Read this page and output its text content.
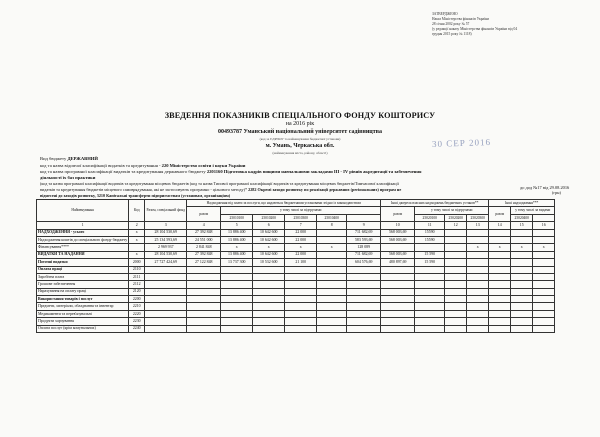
ЗАТВЕРДЖЕНО
Наказ Міністерства фінансів України
28 січня 2002 року № 57
(у редакції наказу Міністерства фінансів України від 04
грудня 2015 року № 1118)
ЗВЕДЕННЯ ПОКАЗНИКІВ СПЕЦІАЛЬНОГО ФОНДУ КОШТОРИСУ
на 2016 рік
00493787 Уманський національний університет садівництва
(код за ЄДРПОУ та найменування бюджетної установи)
м. Умань, Черкаська обл.
(найменування міста, району, області)
30 СЕР 2016
Вид бюджету ДЕРЖАВНИЙ
код та назва відомчої класифікації видатків та кредитування - 220 Міністерство освіти і науки України
код та назва програмної класифікації видатків та кредитування державного бюджету 2201160 Підготовка кадрів вищими навчальними закладами III - IV рівнів акредитації та забезпечення
діяльності їх баз практики
(код та назва програмної класифікації видатків та кредитування місцевих бюджетів (код та назва Типової програмної класифікації видатків та кредитування місцевих бюджетів/Тимчасової класифікації
видатків та кредитування бюджетів місцевого самоврядування, які не застосовують програмно - цільового методу)* 2282 Окремі заходи розвитку по реалізації державних (регіональних) програм не
віднесені до заходів розвитку, 3210 Капітальні трансферти підприємствам (установам, організаціям)
до дод №17 від 29.08.2016
(грн)
Найменування	Код	Разом, спеціальний фонд	Надходження від плати за послуги, що надаються бюджетними установами згідно із законодавством						Інші джерела власних надходжень бюджетних установ**				Інші надходження***		
			разом	у тому числі за підгрупами					разом	у тому числі за підгрупами			разом	у тому числі за видами	
				25010100	25010200	25010300	25010400			25020100	25020200	25020300		25020400	
1	2	3	4	5	6	7	8	9	10	11	12	13	14	15	16
НАДХОДЖЕННЯ - усього	x	28 104 530,69	27 392 848	13 886 400	10 642 600	22 000		711 682,69	568 003,69	15590					
Надходження коштів до спеціального фонду бюджету	x	25 134 593,69	24 551 000	13 886 400	10 642 600	22 000		583 593,69	568 003,69	15590					
Фінансування****		2 969 937	2 841 848	x	x	x	x	128 089				x	x	x	x
ВИДАТКИ ТА НАДАННЯ	x	28 104 530,69	27 392 848	13 886 400	10 642 600	22 000		711 682,69	568 003,69	15 590					
Поточні видатки	2000	27 727 424,69	27 122 848	13 737 300	10 532 600	21 100		604 576,69	480 897,69	15 590					
Оплата праці	2110														
Заробітна плата	2111														
Грошове забезпечення	2112														
Нарахування на оплату праці	2120														
Використання товарів і послуг	2200														
Предмети, матеріали, обладнання та інвентар	2210														
Медикаменти та перев'язувальні	2220														
Продукти харчування	2230														
Оплата послуг (крім комунальних)	2240														
